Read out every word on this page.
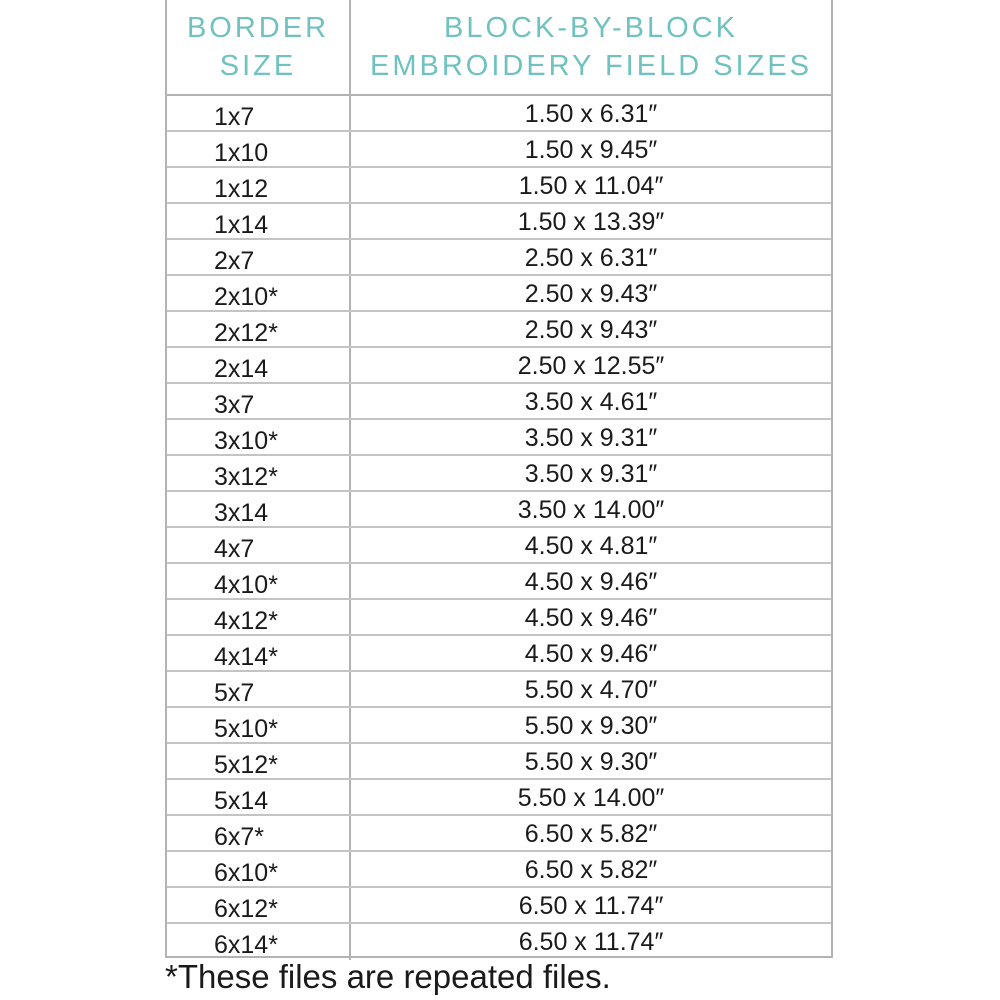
BORDER
SIZE
BLOCK-BY-BLOCK
EMBROIDERY FIELD SIZES
1x7	1.50 x 6.31″
1x10	1.50 x 9.45″
1x12	1.50 x 11.04″
1x14	1.50 x 13.39″
2x7	2.50 x 6.31″
2x10*	2.50 x 9.43″
2x12*	2.50 x 9.43″
2x14	2.50 x 12.55″
3x7	3.50 x 4.61″
3x10*	3.50 x 9.31″
3x12*	3.50 x 9.31″
3x14	3.50 x 14.00″
4x7	4.50 x 4.81″
4x10*	4.50 x 9.46″
4x12*	4.50 x 9.46″
4x14*	4.50 x 9.46″
5x7	5.50 x 4.70″
5x10*	5.50 x 9.30″
5x12*	5.50 x 9.30″
5x14	5.50 x 14.00″
6x7*	6.50 x 5.82″
6x10*	6.50 x 5.82″
6x12*	6.50 x 11.74″
6x14*	6.50 x 11.74″
*These files are repeated files.
